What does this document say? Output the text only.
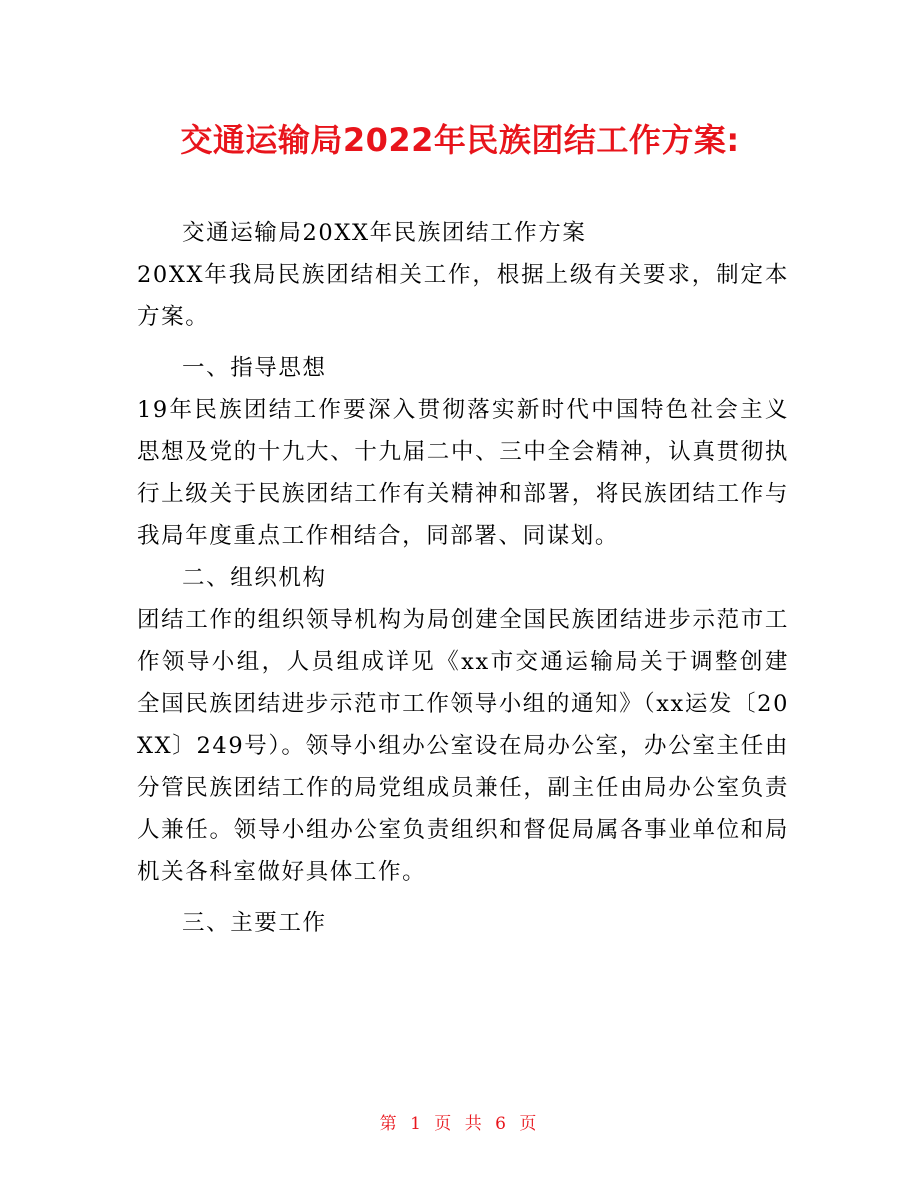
交通运输局2022年民族团结工作方案:

交通运输局20XX年民族团结工作方案

20XX年我局民族团结相关工作，根据上级有关要求，制定本方案。

一、指导思想

19年民族团结工作要深入贯彻落实新时代中国特色社会主义思想及党的十九大、十九届二中、三中全会精神，认真贯彻执行上级关于民族团结工作有关精神和部署，将民族团结工作与我局年度重点工作相结合，同部署、同谋划。

二、组织机构

团结工作的组织领导机构为局创建全国民族团结进步示范市工作领导小组，人员组成详见《xx市交通运输局关于调整创建全国民族团结进步示范市工作领导小组的通知》（xx运发〔20XX〕249号）。领导小组办公室设在局办公室，办公室主任由分管民族团结工作的局党组成员兼任，副主任由局办公室负责人兼任。领导小组办公室负责组织和督促局属各事业单位和局机关各科室做好具体工作。

三、主要工作

第 1 页 共 6 页
